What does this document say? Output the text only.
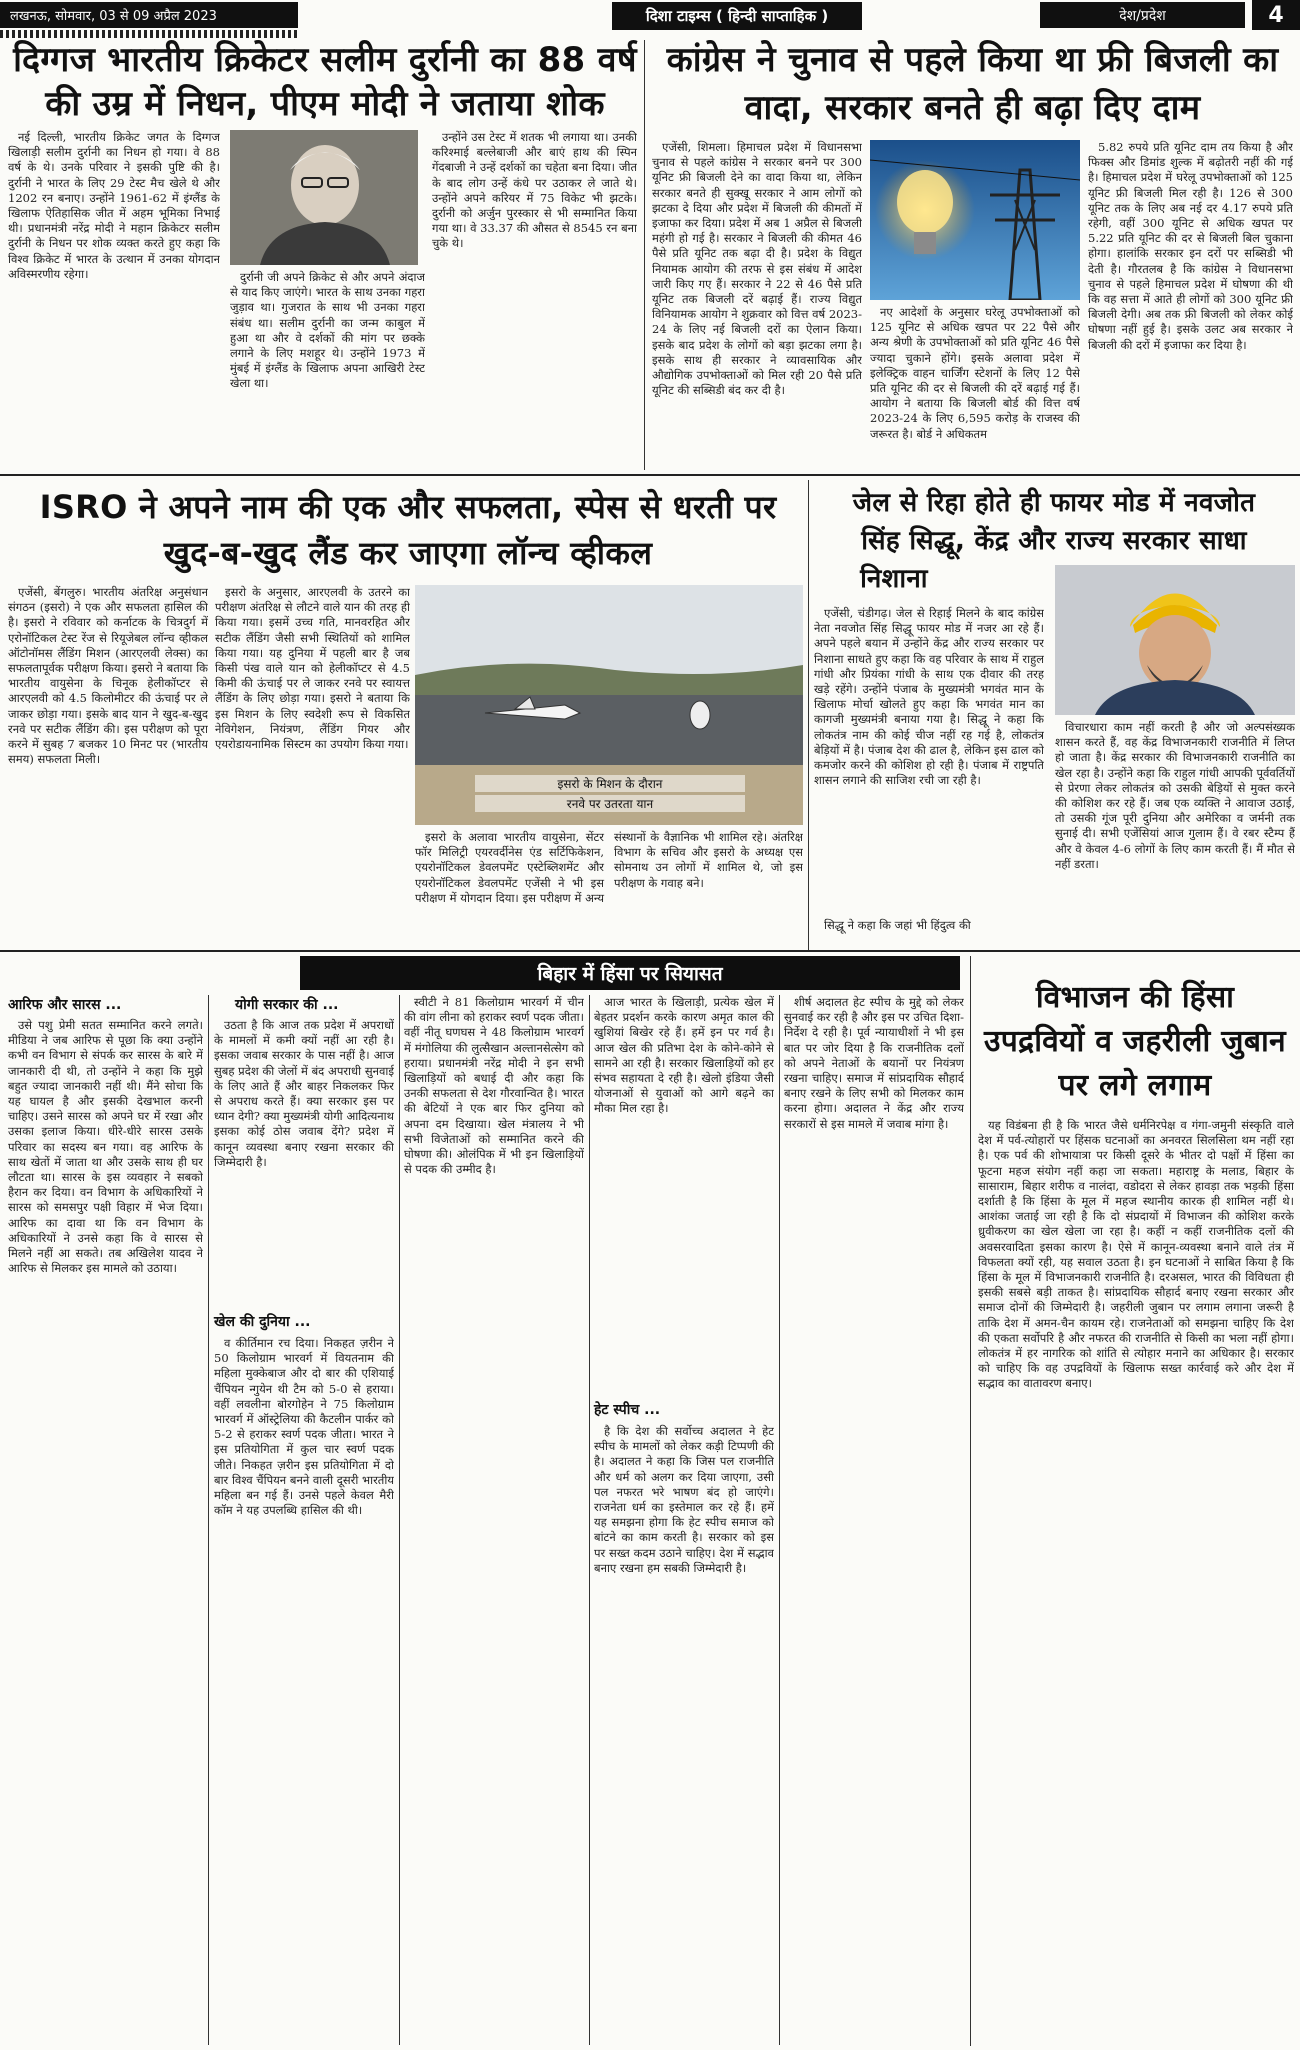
लखनऊ, सोमवार, 03 से 09 अप्रैल 2023	दिशा टाइम्स ( हिन्दी साप्ताहिक )	देश/प्रदेश	4
दिग्गज भारतीय क्रिकेटर सलीम दुर्रानी का 88 वर्ष
की उम्र में निधन, पीएम मोदी ने जताया शोक

नई दिल्ली, भारतीय क्रिकेट जगत के दिग्गज खिलाड़ी सलीम दुर्रानी का निधन हो गया। वे 88 वर्ष के थे। उनके परिवार ने इसकी पुष्टि की है। दुर्रानी ने भारत के लिए 29 टेस्ट मैच खेले थे और 1202 रन बनाए। उन्होंने 1961-62 में इंग्लैंड के खिलाफ ऐतिहासिक जीत में अहम भूमिका निभाई थी। प्रधानमंत्री नरेंद्र मोदी ने महान क्रिकेटर सलीम दुर्रानी के निधन पर शोक व्यक्त करते हुए कहा कि विश्व क्रिकेट में भारत के उत्थान में उनका योगदान अविस्मरणीय रहेगा।	दुर्रानी जी अपने क्रिकेट से और अपने अंदाज से याद किए जाएंगे। भारत के साथ उनका गहरा जुड़ाव था। गुजरात के साथ भी उनका गहरा संबंध था। सलीम दुर्रानी का जन्म काबुल में हुआ था और वे दर्शकों की मांग पर छक्के लगाने के लिए मशहूर थे। उन्होंने 1973 में मुंबई में इंग्लैंड के खिलाफ अपना आखिरी टेस्ट खेला था।

उन्होंने उस टेस्ट में शतक भी लगाया था। उनकी करिश्माई बल्लेबाजी और बाएं हाथ की स्पिन गेंदबाजी ने उन्हें दर्शकों का चहेता बना दिया। जीत के बाद लोग उन्हें कंधे पर उठाकर ले जाते थे। उन्होंने अपने करियर में 75 विकेट भी झटके। दुर्रानी को अर्जुन पुरस्कार से भी सम्मानित किया गया था। वे 33.37 की औसत से 8545 रन बना चुके थे।

कांग्रेस ने चुनाव से पहले किया था फ्री बिजली का
वादा, सरकार बनते ही बढ़ा दिए दाम

एजेंसी, शिमला। हिमाचल प्रदेश में विधानसभा चुनाव से पहले कांग्रेस ने सरकार बनने पर 300 यूनिट फ्री बिजली देने का वादा किया था, लेकिन सरकार बनते ही सुक्खू सरकार ने आम लोगों को झटका दे दिया और प्रदेश में बिजली की कीमतों में इजाफा कर दिया। प्रदेश में अब 1 अप्रैल से बिजली महंगी हो गई है। सरकार ने बिजली की कीमत 46 पैसे प्रति यूनिट तक बढ़ा दी है। प्रदेश के विद्युत नियामक आयोग की तरफ से इस संबंध में आदेश जारी किए गए हैं। सरकार ने 22 से 46 पैसे प्रति यूनिट तक बिजली दरें बढ़ाई हैं। राज्य विद्युत विनियामक आयोग ने शुक्रवार को वित्त वर्ष 2023-24 के लिए नई बिजली दरों का ऐलान किया। इसके बाद प्रदेश के लोगों को बड़ा झटका लगा है। इसके साथ ही सरकार ने व्यावसायिक और औद्योगिक उपभोक्ताओं को मिल रही 20 पैसे प्रति यूनिट की सब्सिडी बंद कर दी है।

नए आदेशों के अनुसार घरेलू उपभोक्ताओं को 125 यूनिट से अधिक खपत पर 22 पैसे और अन्य श्रेणी के उपभोक्ताओं को प्रति यूनिट 46 पैसे ज्यादा चुकाने होंगे। इसके अलावा प्रदेश में इलेक्ट्रिक वाहन चार्जिंग स्टेशनों के लिए 12 पैसे प्रति यूनिट की दर से बिजली की दरें बढ़ाई गई हैं। आयोग ने बताया कि बिजली बोर्ड की वित्त वर्ष 2023-24 के लिए 6,595 करोड़ के राजस्व की जरूरत है। बोर्ड ने अधिकतम

5.82 रुपये प्रति यूनिट दाम तय किया है और फिक्स और डिमांड शुल्क में बढ़ोतरी नहीं की गई है। हिमाचल प्रदेश में घरेलू उपभोक्ताओं को 125 यूनिट फ्री बिजली मिल रही है। 126 से 300 यूनिट तक के लिए अब नई दर 4.17 रुपये प्रति रहेगी, वहीं 300 यूनिट से अधिक खपत पर 5.22 प्रति यूनिट की दर से बिजली बिल चुकाना होगा। हालांकि सरकार इन दरों पर सब्सिडी भी देती है। गौरतलब है कि कांग्रेस ने विधानसभा चुनाव से पहले हिमाचल प्रदेश में घोषणा की थी कि वह सत्ता में आते ही लोगों को 300 यूनिट फ्री बिजली देगी। अब तक फ्री बिजली को लेकर कोई घोषणा नहीं हुई है। इसके उलट अब सरकार ने बिजली की दरों में इजाफा कर दिया है।

ISRO ने अपने नाम की एक और सफलता, स्पेस से धरती पर
खुद-ब-खुद लैंड कर जाएगा लॉन्च व्हीकल

एजेंसी, बेंगलुरु। भारतीय अंतरिक्ष अनुसंधान संगठन (इसरो) ने एक और सफलता हासिल की है। इसरो ने रविवार को कर्नाटक के चित्रदुर्ग में एरोनॉटिकल टेस्ट रेंज से रियूजेबल लॉन्च व्हीकल ऑटोनॉमस लैंडिंग मिशन (आरएलवी लेक्स) का सफलतापूर्वक परीक्षण किया। इसरो ने बताया कि भारतीय वायुसेना के चिनूक हेलीकॉप्टर से आरएलवी को 4.5 किलोमीटर की ऊंचाई पर ले जाकर छोड़ा गया। इसके बाद यान ने खुद-ब-खुद रनवे पर सटीक लैंडिंग की। इस परीक्षण को पूरा करने में सुबह 7 बजकर 10 मिनट पर (भारतीय समय) सफलता मिली।

इसरो के अनुसार, आरएलवी के उतरने का परीक्षण अंतरिक्ष से लौटने वाले यान की तरह ही किया गया। इसमें उच्च गति, मानवरहित और सटीक लैंडिंग जैसी सभी स्थितियों को शामिल किया गया। यह दुनिया में पहली बार है जब किसी पंख वाले यान को हेलीकॉप्टर से 4.5 किमी की ऊंचाई पर ले जाकर रनवे पर स्वायत्त लैंडिंग के लिए छोड़ा गया। इसरो ने बताया कि इस मिशन के लिए स्वदेशी रूप से विकसित नेविगेशन, नियंत्रण, लैंडिंग गियर और एयरोडायनामिक सिस्टम का उपयोग किया गया।

इसरो के मिशन के दौरान
रनवे पर उतरता यान

इसरो के अलावा भारतीय वायुसेना, सेंटर फॉर मिलिट्री एयरवर्दीनेस एंड सर्टिफिकेशन, एयरोनॉटिकल डेवलपमेंट एस्टेब्लिशमेंट और एयरोनॉटिकल डेवलपमेंट एजेंसी ने भी इस परीक्षण में योगदान दिया। इस परीक्षण में अन्य संस्थानों के वैज्ञानिक भी शामिल रहे। अंतरिक्ष विभाग के सचिव और इसरो के अध्यक्ष एस सोमनाथ उन लोगों में शामिल थे, जो इस परीक्षण के गवाह बने।

जेल से रिहा होते ही फायर मोड में नवजोत
सिंह सिद्धू, केंद्र और राज्य सरकार साधा
निशाना

एजेंसी, चंडीगढ़। जेल से रिहाई मिलने के बाद कांग्रेस नेता नवजोत सिंह सिद्धू फायर मोड में नजर आ रहे हैं। अपने पहले बयान में उन्होंने केंद्र और राज्य सरकार पर निशाना साधते हुए कहा कि वह परिवार के साथ में राहुल गांधी और प्रियंका गांधी के साथ एक दीवार की तरह खड़े रहेंगे। उन्होंने पंजाब के मुख्यमंत्री भगवंत मान के खिलाफ मोर्चा खोलते हुए कहा कि भगवंत मान का कागजी मुख्यमंत्री बनाया गया है। सिद्धू ने कहा कि लोकतंत्र नाम की कोई चीज नहीं रह गई है, लोकतंत्र बेड़ियों में है। पंजाब देश की ढाल है, लेकिन इस ढाल को कमजोर करने की कोशिश हो रही है। पंजाब में राष्ट्रपति शासन लगाने की साजिश रची जा रही है।

विचारधारा काम नहीं करती है और जो अल्पसंख्यक शासन करते हैं, वह केंद्र विभाजनकारी राजनीति में लिप्त हो जाता है। केंद्र सरकार की विभाजनकारी राजनीति का खेल रहा है। उन्होंने कहा कि राहुल गांधी आपकी पूर्ववर्तियों से प्रेरणा लेकर लोकतंत्र को उसकी बेड़ियों से मुक्त करने की कोशिश कर रहे हैं। जब एक व्यक्ति ने आवाज उठाई, तो उसकी गूंज पूरी दुनिया और अमेरिका व जर्मनी तक सुनाई दी। सभी एजेंसियां आज गुलाम हैं। वे रबर स्टैम्प हैं और वे केवल 4-6 लोगों के लिए काम करती हैं। मैं मौत से नहीं डरता।

सिद्धू ने कहा कि जहां भी हिंदुत्व की

बिहार में हिंसा पर सियासत
योगी सरकार की ...
आरिफ और सारस ...

उसे पशु प्रेमी सतत सम्मानित करने लगते। मीडिया ने जब आरिफ से पूछा कि क्या उन्होंने कभी वन विभाग से संपर्क कर सारस के बारे में जानकारी दी थी, तो उन्होंने ने कहा कि मुझे बहुत ज्यादा जानकारी नहीं थी। मैंने सोचा कि यह घायल है और इसकी देखभाल करनी चाहिए। उसने सारस को अपने घर में रखा और उसका इलाज किया। धीरे-धीरे सारस उसके परिवार का सदस्य बन गया। वह आरिफ के साथ खेतों में जाता था और उसके साथ ही घर लौटता था। सारस के इस व्यवहार ने सबको हैरान कर दिया। वन विभाग के अधिकारियों ने सारस को समसपुर पक्षी विहार में भेज दिया। आरिफ का दावा था कि वन विभाग के अधिकारियों ने उनसे कहा कि वे सारस से मिलने नहीं आ सकते। तब अखिलेश यादव ने आरिफ से मिलकर इस मामले को उठाया।

उठता है कि आज तक प्रदेश में अपराधों के मामलों में कमी क्यों नहीं आ रही है। इसका जवाब सरकार के पास नहीं है। आज सुबह प्रदेश की जेलों में बंद अपराधी सुनवाई के लिए आते हैं और बाहर निकलकर फिर से अपराध करते हैं। क्या सरकार इस पर ध्यान देगी? क्या मुख्यमंत्री योगी आदित्यनाथ इसका कोई ठोस जवाब देंगे? प्रदेश में कानून व्यवस्था बनाए रखना सरकार की जिम्मेदारी है।

खेल की दुनिया ...

व कीर्तिमान रच दिया। निकहत ज़रीन ने 50 किलोग्राम भारवर्ग में वियतनाम की महिला मुक्केबाज और दो बार की एशियाई चैंपियन न्गुयेन थी टैम को 5-0 से हराया। वहीं लवलीना बोरगोहेन ने 75 किलोग्राम भारवर्ग में ऑस्ट्रेलिया की कैटलीन पार्कर को 5-2 से हराकर स्वर्ण पदक जीता। भारत ने इस प्रतियोगिता में कुल चार स्वर्ण पदक जीते। निकहत ज़रीन इस प्रतियोगिता में दो बार विश्व चैंपियन बनने वाली दूसरी भारतीय महिला बन गई हैं। उनसे पहले केवल मैरी कॉम ने यह उपलब्धि हासिल की थी।

स्वीटी ने 81 किलोग्राम भारवर्ग में चीन की वांग लीना को हराकर स्वर्ण पदक जीता। वहीं नीतू घणघस ने 48 किलोग्राम भारवर्ग में मंगोलिया की लुत्सैखान अल्तानसेत्सेग को हराया। प्रधानमंत्री नरेंद्र मोदी ने इन सभी खिलाड़ियों को बधाई दी और कहा कि उनकी सफलता से देश गौरवान्वित है। भारत की बेटियों ने एक बार फिर दुनिया को अपना दम दिखाया। खेल मंत्रालय ने भी सभी विजेताओं को सम्मानित करने की घोषणा की। ओलंपिक में भी इन खिलाड़ियों से पदक की उम्मीद है।

आज भारत के खिलाड़ी, प्रत्येक खेल में बेहतर प्रदर्शन करके कारण अमृत काल की खुशियां बिखेर रहे हैं। हमें इन पर गर्व है। आज खेल की प्रतिभा देश के कोने-कोने से सामने आ रही है। सरकार खिलाड़ियों को हर संभव सहायता दे रही है। खेलो इंडिया जैसी योजनाओं से युवाओं को आगे बढ़ने का मौका मिल रहा है।

हेट स्पीच ...

है कि देश की सर्वोच्च अदालत ने हेट स्पीच के मामलों को लेकर कड़ी टिप्पणी की है। अदालत ने कहा कि जिस पल राजनीति और धर्म को अलग कर दिया जाएगा, उसी पल नफरत भरे भाषण बंद हो जाएंगे। राजनेता धर्म का इस्तेमाल कर रहे हैं। हमें यह समझना होगा कि हेट स्पीच समाज को बांटने का काम करती है। सरकार को इस पर सख्त कदम उठाने चाहिए। देश में सद्भाव बनाए रखना हम सबकी जिम्मेदारी है।

शीर्ष अदालत हेट स्पीच के मुद्दे को लेकर सुनवाई कर रही है और इस पर उचित दिशा-निर्देश दे रही है। पूर्व न्यायाधीशों ने भी इस बात पर जोर दिया है कि राजनीतिक दलों को अपने नेताओं के बयानों पर नियंत्रण रखना चाहिए। समाज में सांप्रदायिक सौहार्द बनाए रखने के लिए सभी को मिलकर काम करना होगा। अदालत ने केंद्र और राज्य सरकारों से इस मामले में जवाब मांगा है।

विभाजन की हिंसा
उपद्रवियों व जहरीली जुबान
पर लगे लगाम

यह विडंबना ही है कि भारत जैसे धर्मनिरपेक्ष व गंगा-जमुनी संस्कृति वाले देश में पर्व-त्योहारों पर हिंसक घटनाओं का अनवरत सिलसिला थम नहीं रहा है। एक पर्व की शोभायात्रा पर किसी दूसरे के भीतर दो पक्षों में हिंसा का फूटना महज संयोग नहीं कहा जा सकता। महाराष्ट्र के मलाड, बिहार के सासाराम, बिहार शरीफ व नालंदा, वडोदरा से लेकर हावड़ा तक भड़की हिंसा दर्शाती है कि हिंसा के मूल में महज स्थानीय कारक ही शामिल नहीं थे। आशंका जताई जा रही है कि दो संप्रदायों में विभाजन की कोशिश करके ध्रुवीकरण का खेल खेला जा रहा है। कहीं न कहीं राजनीतिक दलों की अवसरवादिता इसका कारण है। ऐसे में कानून-व्यवस्था बनाने वाले तंत्र में विफलता क्यों रही, यह सवाल उठता है। इन घटनाओं ने साबित किया है कि हिंसा के मूल में विभाजनकारी राजनीति है। दरअसल, भारत की विविधता ही इसकी सबसे बड़ी ताकत है। सांप्रदायिक सौहार्द बनाए रखना सरकार और समाज दोनों की जिम्मेदारी है। जहरीली जुबान पर लगाम लगाना जरूरी है ताकि देश में अमन-चैन कायम रहे। राजनेताओं को समझना चाहिए कि देश की एकता सर्वोपरि है और नफरत की राजनीति से किसी का भला नहीं होगा। लोकतंत्र में हर नागरिक को शांति से त्योहार मनाने का अधिकार है। सरकार को चाहिए कि वह उपद्रवियों के खिलाफ सख्त कार्रवाई करे और देश में सद्भाव का वातावरण बनाए।
